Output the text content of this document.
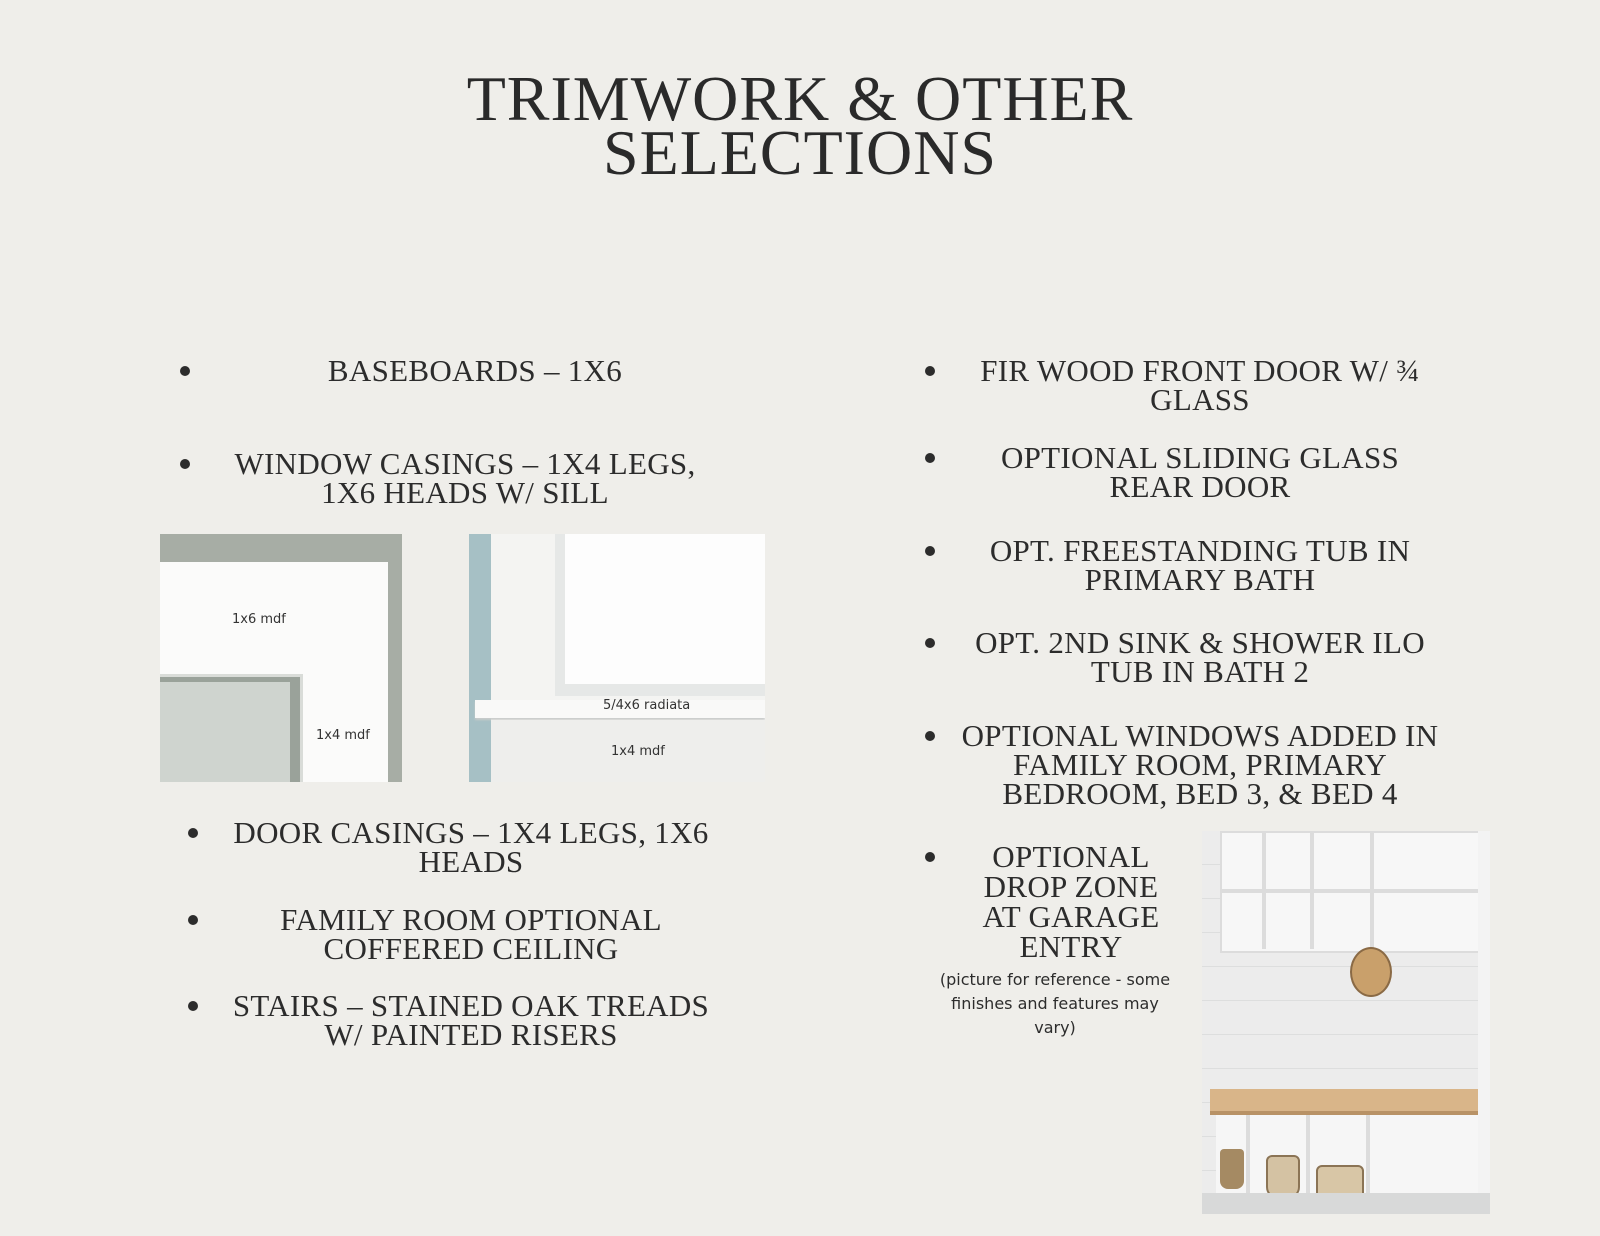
TRIMWORK & OTHER
SELECTIONS
BASEBOARDS – 1X6
WINDOW CASINGS – 1X4 LEGS,
1X6 HEADS W/ SILL
1x6 mdf
1x4 mdf
5/4x6 radiata
1x4 mdf
DOOR CASINGS – 1X4 LEGS, 1X6
HEADS
FAMILY ROOM OPTIONAL
COFFERED CEILING
STAIRS – STAINED OAK TREADS
W/ PAINTED RISERS
FIR WOOD FRONT DOOR W/ ¾
GLASS
OPTIONAL SLIDING GLASS
REAR DOOR
OPT. FREESTANDING TUB IN
PRIMARY BATH
OPT. 2ND SINK & SHOWER ILO
TUB IN BATH 2
OPTIONAL WINDOWS ADDED IN
FAMILY ROOM, PRIMARY
BEDROOM, BED 3, & BED 4
OPTIONAL
DROP ZONE
AT GARAGE
ENTRY
(picture for reference - some
finishes and features may
vary)
